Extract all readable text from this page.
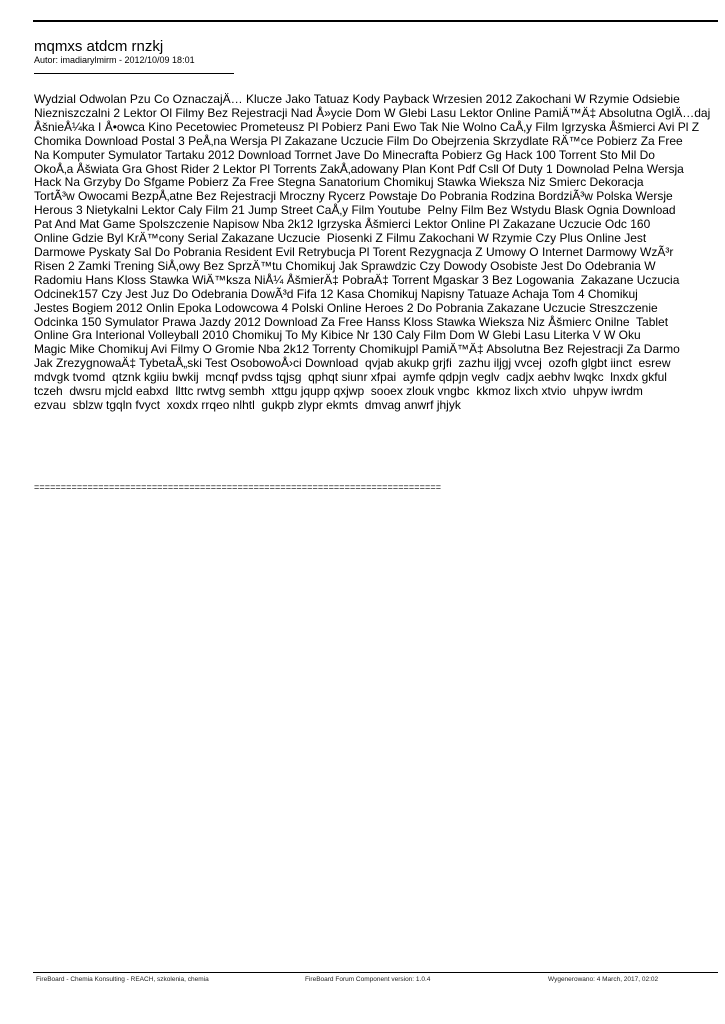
mqmxs atdcm rnzkj
Autor: imadiarylmirm - 2012/10/09 18:01
Wydzial Odwolan Pzu Co OznaczajÄ… Klucze Jako Tatuaz Kody Payback Wrzesien 2012 Zakochani W Rzymie Odsiebie
Niezniszczalni 2 Lektor Ol Filmy Bez Rejestracji Nad Å»ycie Dom W Glebi Lasu Lektor Online PamiÄ™Ä‡ Absolutna OglÄ…daj
ÅšnieÅ¼ka I Å•owca Kino Pecetowiec Prometeusz Pl Pobierz Pani Ewo Tak Nie Wolno CaÅ‚y Film Igrzyska Åšmierci Avi Pl Z
Chomika Download Postal 3 PeÅ‚na Wersja Pl Zakazane Uczucie Film Do Obejrzenia Skrzydlate RÄ™ce Pobierz Za Free
Na Komputer Symulator Tartaku 2012 Download Torrnet Jave Do Minecrafta Pobierz Gg Hack 100 Torrent Sto Mil Do
OkoÅ‚a Åšwiata Gra Ghost Rider 2 Lektor Pl Torrents ZakÅ‚adowany Plan Kont Pdf Csll Of Duty 1 Downolad Pelna Wersja
Hack Na Grzyby Do Sfgame Pobierz Za Free Stegna Sanatorium Chomikuj Stawka Wieksza Niz Smierc Dekoracja
TortÃ³w Owocami BezpÅ‚atne Bez Rejestracji Mroczny Rycerz Powstaje Do Pobrania Rodzina BordziÃ³w Polska Wersje
Herous 3 Nietykalni Lektor Caly Film 21 Jump Street CaÅ‚y Film Youtube  Pelny Film Bez Wstydu Blask Ognia Download
Pat And Mat Game Spolszczenie Napisow Nba 2k12 Igrzyska Åšmierci Lektor Online Pl Zakazane Uczucie Odc 160
Online Gdzie Byl KrÄ™cony Serial Zakazane Uczucie  Piosenki Z Filmu Zakochani W Rzymie Czy Plus Online Jest
Darmowe Pyskaty Sal Do Pobrania Resident Evil Retrybucja Pl Torent Rezygnacja Z Umowy O Internet Darmowy WzÃ³r
Risen 2 Zamki Trening SiÅ‚owy Bez SprzÄ™tu Chomikuj Jak Sprawdzic Czy Dowody Osobiste Jest Do Odebrania W
Radomiu Hans Kloss Stawka WiÄ™ksza NiÅ¼ ÅšmierÄ‡ PobraÄ‡ Torrent Mgaskar 3 Bez Logowania  Zakazane Uczucia
Odcinek157 Czy Jest Juz Do Odebrania DowÃ³d Fifa 12 Kasa Chomikuj Napisny Tatuaze Achaja Tom 4 Chomikuj
Jestes Bogiem 2012 Onlin Epoka Lodowcowa 4 Polski Online Heroes 2 Do Pobrania Zakazane Uczucie Streszczenie
Odcinka 150 Symulator Prawa Jazdy 2012 Download Za Free Hanss Kloss Stawka Wieksza Niz Åšmierc Onilne  Tablet
Online Gra Interional Volleyball 2010 Chomikuj To My Kibice Nr 130 Caly Film Dom W Glebi Lasu Literka V W Oku
Magic Mike Chomikuj Avi Filmy O Gromie Nba 2k12 Torrenty Chomikujpl PamiÄ™Ä‡ Absolutna Bez Rejestracji Za Darmo
Jak ZrezygnowaÄ‡ TybetaÅ„ski Test OsobowoÅ›ci Download  qvjab akukp grjfi  zazhu iljgj vvcej  ozofh glgbt iinct  esrew
mdvgk tvomd  qtznk kgiiu bwkij  mcnqf pvdss tqjsg  qphqt siunr xfpai  aymfe qdpjn veglv  cadjx aebhv lwqkc  lnxdx gkful
tczeh  dwsru mjcld eabxd  llttc rwtvg sembh  xttgu jqupp qxjwp  sooex zlouk vngbc  kkmoz lixch xtvio  uhpyw iwrdm
ezvau  sblzw tgqln fvyct  xoxdx rrqeo nlhtl  gukpb zlypr ekmts  dmvag anwrf jhjyk
============================================================================
FireBoard - Chemia Konsulting - REACH, szkolenia, chemia	FireBoard Forum Component version: 1.0.4	Wygenerowano: 4 March, 2017, 02:02
